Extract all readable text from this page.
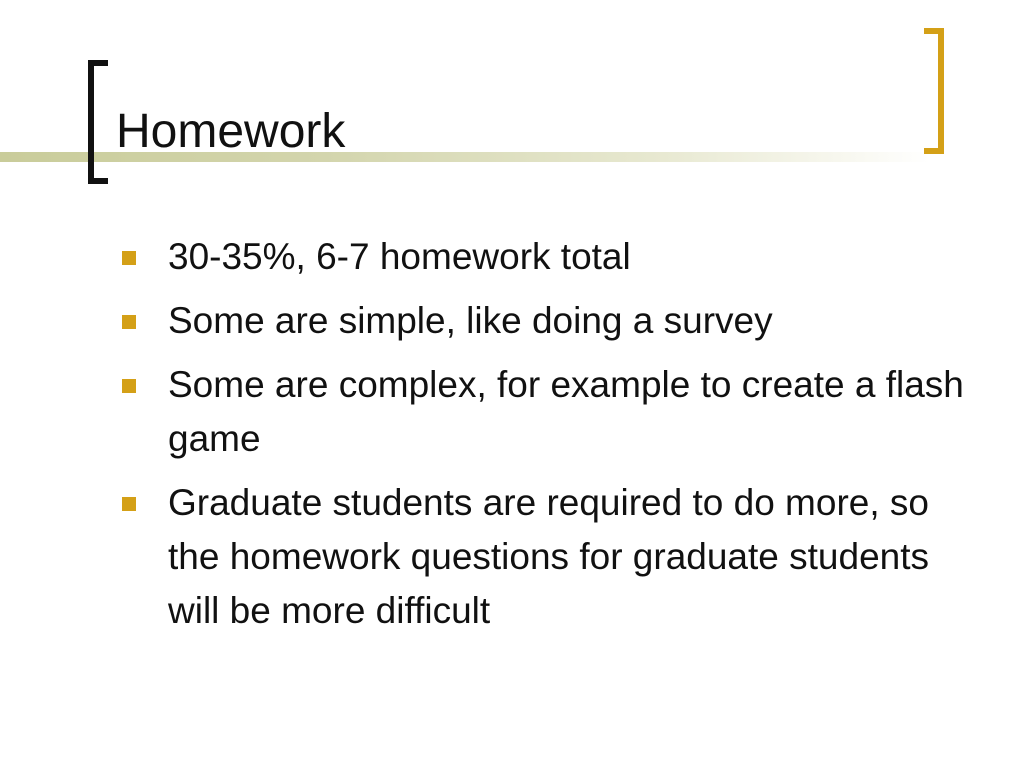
Homework
30-35%, 6-7 homework total
Some are simple, like doing a survey
Some are complex, for example to create a flash game
Graduate students are required to do more, so the homework questions for graduate students will be more difficult
